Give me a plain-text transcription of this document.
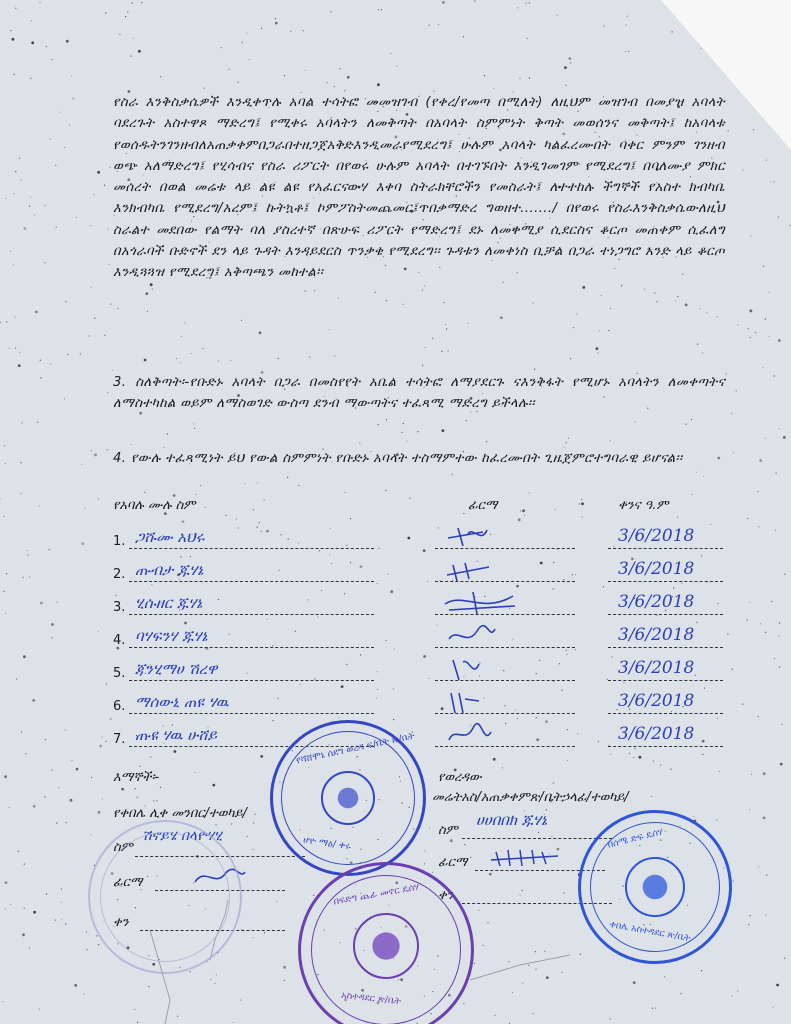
የስራ እንቅስቃሴዎች እንዲቀጥሉ አባል ተሳትፎ መመዝገብ (የቀረ/የመጣ በሚለት) ለዚህም መዝገብ በመያዝ አባላት ባደረጉት አስተዋጾ ማድረግ፤ የሚቀሩ አባላትን ለመቅጣት በአባላት ስምምነት ቅጣት መወሰንና መቅጣት፤ ከአባላቱ የወሰዱትንገንዘብለአጠቃቀምበጋራበተዘጋጀአቅድእንዲመራየሚደረግ፤ ሁሉም አባላት ካልፈረሙበት ባቀር ምንም ገንዘብ ወጭ አለማድረግ፤ የሂሳብና የስራ ሪፖርት በየወሩ ሁሉም አባላት በተገኙበት እንዲገመገም የሚደረግ፤ በባለሙያ ምክር መሰረት በወል መሬቱ ላይ ልዩ ልዩ የአፈርናውሃ እቀባ ስትራክቸሮችን የመስራት፤ ለተተከሉ ችግኞች የአስተ ክብካቤ እንክብካቤ የሚደረግ/አረም፤ ኩትኳቶ፤ ኮምፖስትመጨመር፤ጥበቃማድረ ግወዘተ......./ በየወሩ የስራእንቅስቃሴውለዚህ ስራልተ መደበው የልማት ባለ ያስረተኛ በጽሁፍ ሪፖርት የማድረግ፤ ደኑ ለመቀሚያ ሲደርስና ቆርጦ መጠቀም ሲፈለግ በአጎራባች ቡድኖች ደን ላይ ጉዳት እንዳይደርስ ጥንቃቄ የሚደረግ፡፡ ጉዳቱን ለመቀነስ ቢቻል በጋራ ተነጋግሮ አንድ ላይ ቆርጦ እንዲጓጓዝ የሚደረግ፤ አቅጣጫን መከተል፡፡
3. ስለቅጣት፡-የቡድኑ አባላት በጋራ በመስየየት አቤል ተሳትፎ ለማያደርጉ ናእንቅፋት የሚሆኑ አባላትን ለመቀጣትና ለማስተካከል ወይም ለማስወገድ ውስጣ ደንብ ማውጣትና ተፈጻሚ ማድረግ ይችላሉ፡፡
4. የውሉ ተፈጻሚነት ይህ የውል ስምምነት የቡድኑ አባላት ተስማምተው ከፈረሙበት ጊዜጀምሮተግባራዊ ይሆናል፡፡
የአባሉ ሙሉ ስም	ፊርማ	ቀንና ዓ.ም
1. ጋሹሙ አህሩ	3/6/2018
2. ጡብታ ጁሃኔ	3/6/2018
3. ሂሱዘር ጁሃኔ	3/6/2018
4. ባሃፍንሃ ጁሃኔ	3/6/2018
5. ጃንሂማሀ ሽረዋ	3/6/2018
6. ማሰውኒ ጠዩ ሃዉ	3/6/2018
7. ጡዩ ሃዉ ሁሸይ	3/6/2018
እማኞች፡-
የቀበሌ ሊቀ መንበር/ተወካይ/
ስም
ሽኖይሄ በላዮሃሂ
ፊርማ
ቀን
የወረዳው
መሬትአስ/አጠቃቀምጽ/ቤትኃላፊ/ተወካይ/
ስም
ሀሀበበክ ጁሃኔ
ፊርማ
ቀን
የሻሸሞኔ ሰደግ ወረዳ ፍ/ቤት ጽ/ቤት
ሆዮ ማዕ/ ቀሩ
በፍድግ ጨፊ መኖር ዴሰሃ
አስተዳደር ጽ/ቤት
በሰሜ ድፍ ዴሰሃ
ቀበሌ አስተዳደር ጽ/ቤት
